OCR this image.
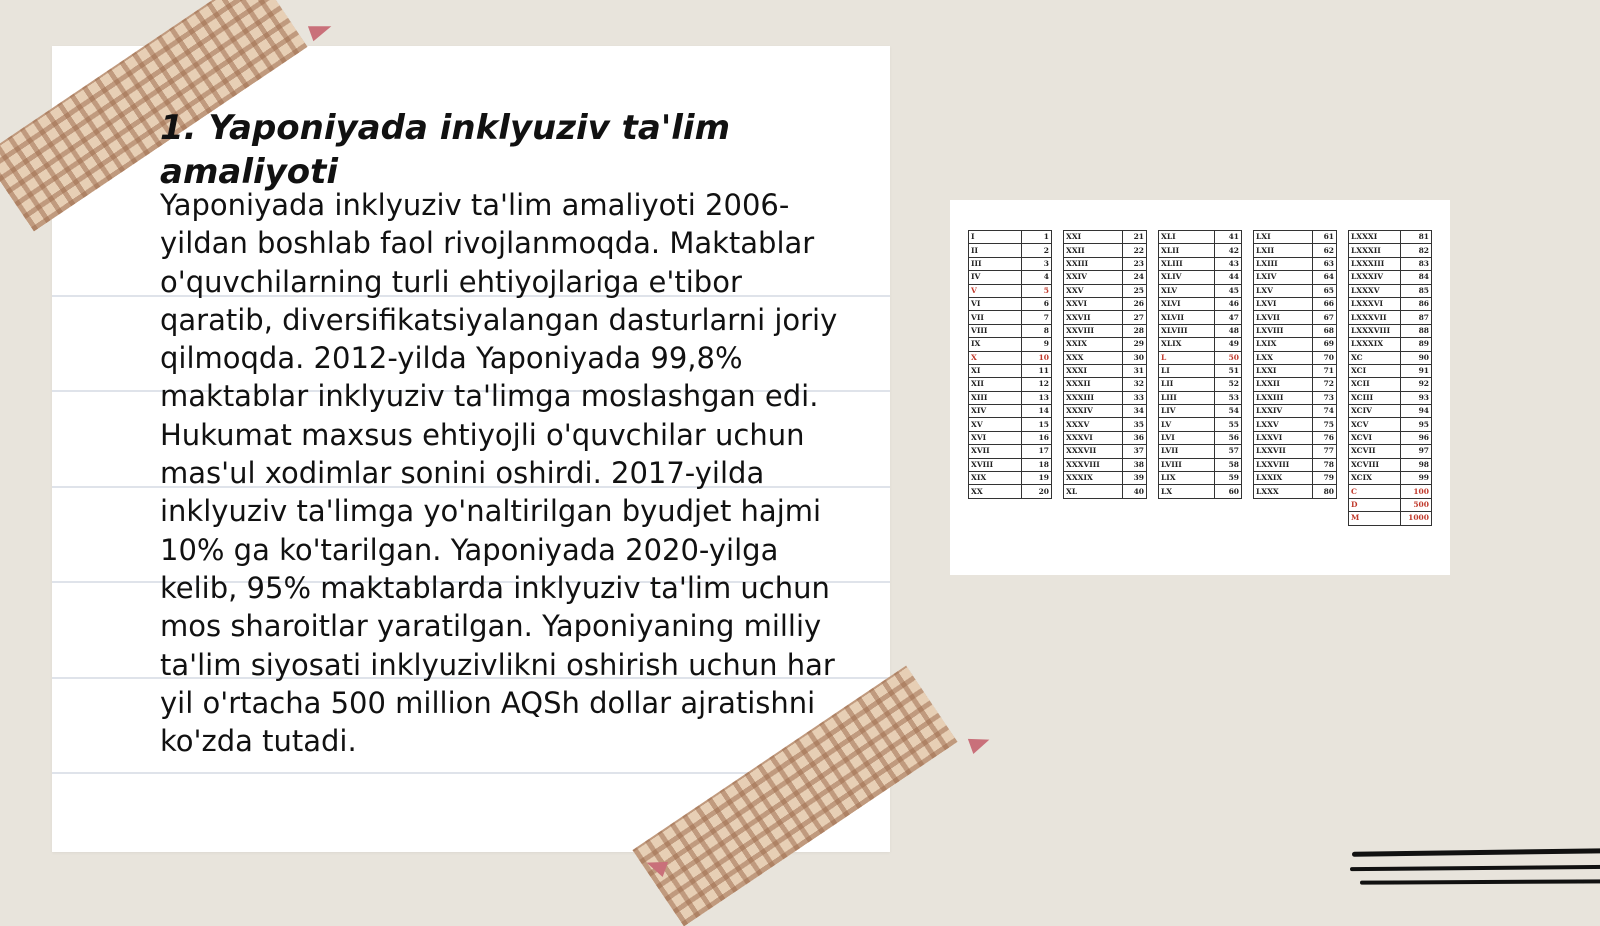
1. Yaponiyada inklyuziv ta'lim amaliyoti

Yaponiyada inklyuziv ta'lim amaliyoti 2006-yildan boshlab faol rivojlanmoqda. Maktablar o'quvchilarning turli ehtiyojlariga e'tibor qaratib, diversifikatsiyalangan dasturlarni joriy qilmoqda. 2012-yilda Yaponiyada 99,8% maktablar inklyuziv ta'limga moslashgan edi. Hukumat maxsus ehtiyojli o'quvchilar uchun mas'ul xodimlar sonini oshirdi. 2017-yilda inklyuziv ta'limga yo'naltirilgan byudjet hajmi 10% ga ko'tarilgan. Yaponiyada 2020-yilga kelib, 95% maktablarda inklyuziv ta'lim uchun mos sharoitlar yaratilgan. Yaponiyaning milliy ta'lim siyosati inklyuzivlikni oshirish uchun har yil o'rtacha 500 million AQSh dollar ajratishni ko'zda tutadi.

I	1
II	2
III	3
IV	4
V	5
VI	6
VII	7
VIII	8
IX	9
X	10
XI	11
XII	12
XIII	13
XIV	14
XV	15
XVI	16
XVII	17
XVIII	18
XIX	19
XX	20
XXI	21
XXII	22
XXIII	23
XXIV	24
XXV	25
XXVI	26
XXVII	27
XXVIII	28
XXIX	29
XXX	30
XXXI	31
XXXII	32
XXXIII	33
XXXIV	34
XXXV	35
XXXVI	36
XXXVII	37
XXXVIII	38
XXXIX	39
XL	40
XLI	41
XLII	42
XLIII	43
XLIV	44
XLV	45
XLVI	46
XLVII	47
XLVIII	48
XLIX	49
L	50
LI	51
LII	52
LIII	53
LIV	54
LV	55
LVI	56
LVII	57
LVIII	58
LIX	59
LX	60
LXI	61
LXII	62
LXIII	63
LXIV	64
LXV	65
LXVI	66
LXVII	67
LXVIII	68
LXIX	69
LXX	70
LXXI	71
LXXII	72
LXXIII	73
LXXIV	74
LXXV	75
LXXVI	76
LXXVII	77
LXXVIII	78
LXXIX	79
LXXX	80
LXXXI	81
LXXXII	82
LXXXIII	83
LXXXIV	84
LXXXV	85
LXXXVI	86
LXXXVII	87
LXXXVIII	88
LXXXIX	89
XC	90
XCI	91
XCII	92
XCIII	93
XCIV	94
XCV	95
XCVI	96
XCVII	97
XCVIII	98
XCIX	99
C	100
D	500
M	1000
